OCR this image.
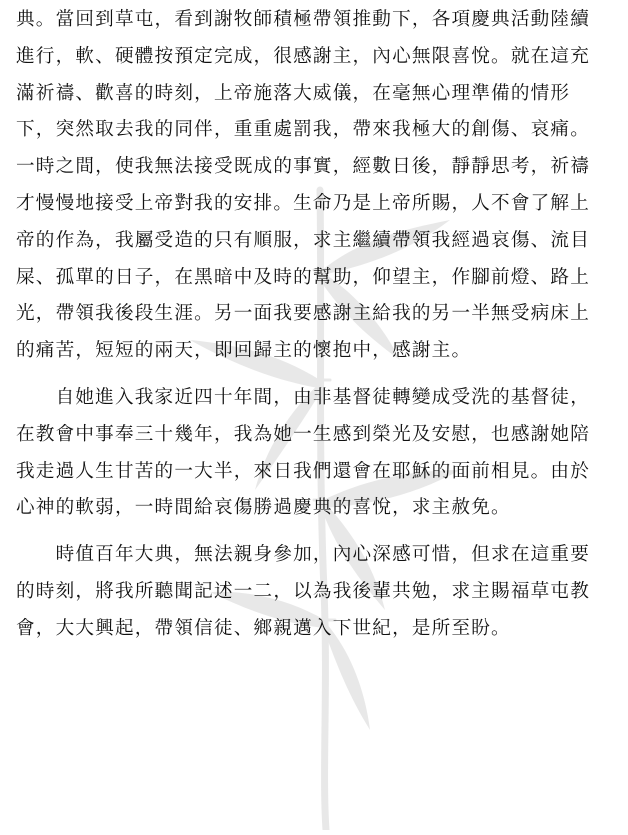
典。當回到草屯，看到謝牧師積極帶領推動下，各項慶典活動陸續
進行，軟、硬體按預定完成，很感謝主，內心無限喜悅。就在這充
滿祈禱、歡喜的時刻，上帝施落大威儀，在毫無心理準備的情形
下，突然取去我的同伴，重重處罰我，帶來我極大的創傷、哀痛。
一時之間，使我無法接受既成的事實，經數日後，靜靜思考，祈禱
才慢慢地接受上帝對我的安排。生命乃是上帝所賜，人不會了解上
帝的作為，我屬受造的只有順服，求主繼續帶領我經過哀傷、流目
屎、孤單的日子，在黑暗中及時的幫助，仰望主，作腳前燈、路上
光，帶領我後段生涯。另一面我要感謝主給我的另一半無受病床上
的痛苦，短短的兩天，即回歸主的懷抱中，感謝主。
　　自她進入我家近四十年間，由非基督徒轉變成受洗的基督徒，
在教會中事奉三十幾年，我為她一生感到榮光及安慰，也感謝她陪
我走過人生甘苦的一大半，來日我們還會在耶穌的面前相見。由於
心神的軟弱，一時間給哀傷勝過慶典的喜悅，求主赦免。
　　時值百年大典，無法親身參加，內心深感可惜，但求在這重要
的時刻，將我所聽聞記述一二，以為我後輩共勉，求主賜福草屯教
會，大大興起，帶領信徒、鄉親邁入下世紀，是所至盼。
